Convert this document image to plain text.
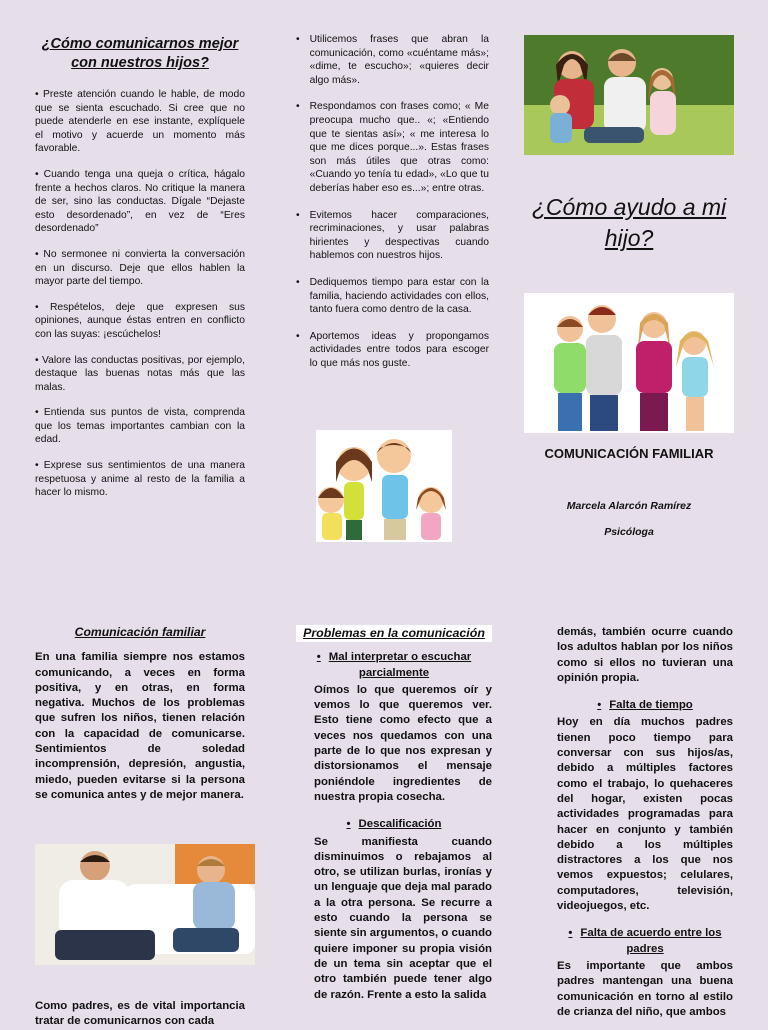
¿Cómo comunicarnos mejor con nuestros hijos?

• Preste atención cuando le hable, de modo que se sienta escuchado. Si cree que no puede atenderle en ese instante, explíquele el motivo y acuerde un momento más favorable.

• Cuando tenga una queja o crítica, hágalo frente a hechos claros. No critique la manera de ser, sino las conductas. Dígale “Dejaste esto desordenado”, en vez de “Eres desordenado”

• No sermonee ni convierta la conversación en un discurso. Deje que ellos hablen la mayor parte del tiempo.

• Respételos, deje que expresen sus opiniones, aunque éstas entren en conflicto con las suyas: ¡escúchelos!

• Valore las conductas positivas, por ejemplo, destaque las buenas notas más que las malas.

• Entienda sus puntos de vista, comprenda que los temas importantes cambian con la edad.

• Exprese sus sentimientos de una manera respetuosa y anime al resto de la familia a hacer lo mismo.

• Utilicemos frases que abran la comunicación, como «cuéntame más»; «dime, te escucho»; «quieres decir algo más».
• Respondamos con frases como; « Me preocupa mucho que.. «; «Entiendo que te sientas así»; « me interesa lo que me dices porque...». Estas frases son más útiles que otras como: «Cuando yo tenía tu edad», «Lo que tu deberías haber eso es...»; entre otras.
• Evitemos hacer comparaciones, recriminaciones, y usar palabras hirientes y despectivas cuando hablemos con nuestros hijos.
• Dediquemos tiempo para estar con la familia, haciendo actividades con ellos, tanto fuera como dentro de la casa.
• Aportemos ideas y propongamos actividades entre todos para escoger lo que más nos guste.
¿Cómo ayudo a mi hijo?
COMUNICACIÓN FAMILIAR
Marcela Alarcón Ramírez
Psicóloga
Comunicación familiar

En una familia siempre nos estamos comunicando, a veces en forma positiva, y en otras, en forma negativa. Muchos de los problemas que sufren los niños, tienen relación con la capacidad de comunicarse. Sentimientos de soledad incomprensión, depresión, angustia, miedo, pueden evitarse si la persona se comunica antes y de mejor manera.

Como padres, es de vital importancia tratar de comunicarnos con cada

Problemas en la comunicación
• Mal interpretar o escuchar parcialmente

Oímos lo que queremos oír y vemos lo que queremos ver. Esto tiene como efecto que a veces nos quedamos con una parte de lo que nos expresan y distorsionamos el mensaje poniéndole ingredientes de nuestra propia cosecha.

• Descalificación

Se manifiesta cuando disminuimos o rebajamos al otro, se utilizan burlas, ironías y un lenguaje que deja mal parado a la otra persona. Se recurre a esto cuando la persona se siente sin argumentos, o cuando quiere imponer su propia visión de un tema sin aceptar que el otro también puede tener algo de razón. Frente a esto la salida

demás, también ocurre cuando los adultos hablan por los niños como si ellos no tuvieran una opinión propia.

• Falta de tiempo

Hoy en día muchos padres tienen poco tiempo para conversar con sus hijos/as, debido a múltiples factores como el trabajo, lo quehaceres del hogar, existen pocas actividades programadas para hacer en conjunto y también debido a los múltiples distractores a los que nos vemos expuestos; celulares, computadores, televisión, videojuegos, etc.

• Falta de acuerdo entre los padres

Es importante que ambos padres mantengan una buena comunicación en torno al estilo de crianza del niño, que ambos
